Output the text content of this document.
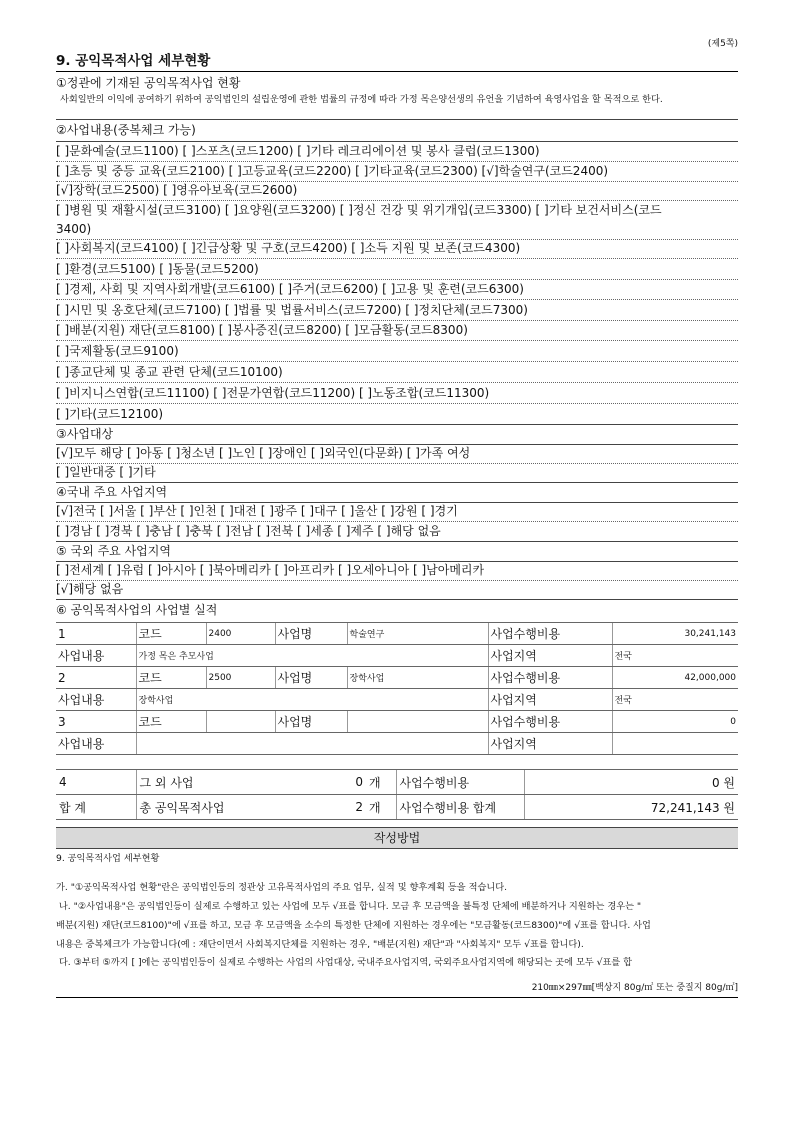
(제5쪽)
9. 공익목적사업 세부현황
①정관에 기재된 공익목적사업 현황
사회일반의 이익에 공여하기 위하여 공익법인의 설립운영에 관한 법률의 규정에 따라 가정 목은양선생의 유언을 기념하여 육영사업을 할 목적으로 한다.
②사업내용(중복체크 가능)
[ ]문화예술(코드1100) [ ]스포츠(코드1200) [ ]기타 레크리에이션 및 봉사 클럽(코드1300)
[ ]초등 및 중등 교육(코드2100) [ ]고등교육(코드2200) [ ]기타교육(코드2300) [√]학술연구(코드2400)
[√]장학(코드2500) [ ]영유아보육(코드2600)
[ ]병원 및 재활시설(코드3100) [ ]요양원(코드3200) [ ]정신 건강 및 위기개입(코드3300) [ ]기타 보건서비스(코드
3400)
[ ]사회복지(코드4100) [ ]긴급상황 및 구호(코드4200) [ ]소득 지원 및 보존(코드4300)
[ ]환경(코드5100) [ ]동물(코드5200)
[ ]경제, 사회 및 지역사회개발(코드6100) [ ]주거(코드6200) [ ]고용 및 훈련(코드6300)
[ ]시민 및 옹호단체(코드7100) [ ]법률 및 법률서비스(코드7200) [ ]정치단체(코드7300)
[ ]배분(지원) 재단(코드8100) [ ]봉사증진(코드8200) [ ]모금활동(코드8300)
[ ]국제활동(코드9100)
[ ]종교단체 및 종교 관련 단체(코드10100)
[ ]비지니스연합(코드11100) [ ]전문가연합(코드11200) [ ]노동조합(코드11300)
[ ]기타(코드12100)
③사업대상
[√]모두 해당 [ ]아동 [ ]청소년 [ ]노인 [ ]장애인 [ ]외국인(다문화) [ ]가족 여성
[ ]일반대중 [ ]기타
④국내 주요 사업지역
[√]전국 [ ]서울 [ ]부산 [ ]인천 [ ]대전 [ ]광주 [ ]대구 [ ]울산 [ ]강원 [ ]경기
[ ]경남 [ ]경북 [ ]충남 [ ]충북 [ ]전남 [ ]전북 [ ]세종 [ ]제주 [ ]해당 없음
⑤ 국외 주요 사업지역
[ ]전세계 [ ]유럽 [ ]아시아 [ ]북아메리카 [ ]아프리카 [ ]오세아니아 [ ]남아메리카
[√]해당 없음
⑥ 공익목적사업의 사업별 실적
1	코드	2400	사업명	학술연구	사업수행비용	30,241,143
사업내용	가정 목은 추모사업				사업지역	전국
2	코드	2500	사업명	장학사업	사업수행비용	42,000,000
사업내용	장학사업				사업지역	전국
3	코드		사업명		사업수행비용	0
사업내용					사업지역	
4	그 외 사업	0	개	사업수행비용	0 원
합 계	총 공익목적사업	2	개	사업수행비용 합계	72,241,143 원
작성방법
9. 공익목적사업 세부현황
가. "①공익목적사업 현황"란은 공익법인등의 정관상 고유목적사업의 주요 업무, 실적 및 향후계획 등을 적습니다.
나. "②사업내용"은 공익법인등이 실제로 수행하고 있는 사업에 모두 √표를 합니다. 모금 후 모금액을 불특정 단체에 배분하거나 지원하는 경우는 "
배분(지원) 재단(코드8100)"에 √표를 하고, 모금 후 모금액을 소수의 특정한 단체에 지원하는 경우에는 "모금활동(코드8300)"에 √표를 합니다. 사업
내용은 중복체크가 가능합니다(예 : 재단이면서 사회복지단체를 지원하는 경우, "배분(지원) 재단"과 "사회복지" 모두 √표를 합니다).
다. ③부터 ⑤까지 [ ]에는 공익법인등이 실제로 수행하는 사업의 사업대상, 국내주요사업지역, 국외주요사업지역에 해당되는 곳에 모두 √표를 합
210㎜×297㎜[백상지 80g/㎡ 또는 중질지 80g/㎡]
